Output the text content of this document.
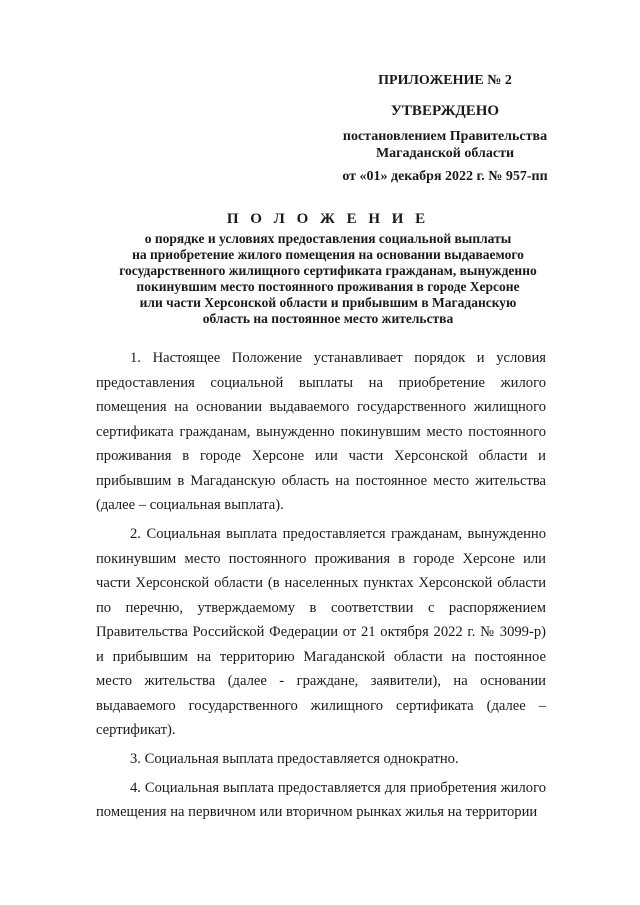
ПРИЛОЖЕНИЕ № 2
УТВЕРЖДЕНО
постановлением Правительства
Магаданской области
от «01» декабря 2022 г. № 957-пп
П О Л О Ж Е Н И Е
о порядке и условиях предоставления социальной выплаты
на приобретение жилого помещения на основании выдаваемого
государственного жилищного сертификата гражданам, вынужденно
покинувшим место постоянного проживания в городе Херсоне
или части Херсонской области и прибывшим в Магаданскую
область на постоянное место жительства

1. Настоящее Положение устанавливает порядок и условия предоставления социальной выплаты на приобретение жилого помещения на основании выдаваемого государственного жилищного сертификата гражданам, вынужденно покинувшим место постоянного проживания в городе Херсоне или части Херсонской области и прибывшим в Магаданскую область на постоянное место жительства (далее – социальная выплата).

2. Социальная выплата предоставляется гражданам, вынужденно покинувшим место постоянного проживания в городе Херсоне или части Херсонской области (в населенных пунктах Херсонской области по перечню, утверждаемому в соответствии с распоряжением Правительства Российской Федерации от 21 октября 2022 г. № 3099-р) и прибывшим на территорию Магаданской области на постоянное место жительства (далее - граждане, заявители), на основании выдаваемого государственного жилищного сертификата (далее – сертификат).

3. Социальная выплата предоставляется однократно.

4. Социальная выплата предоставляется для приобретения жилого помещения на первичном или вторичном рынках жилья на территории
